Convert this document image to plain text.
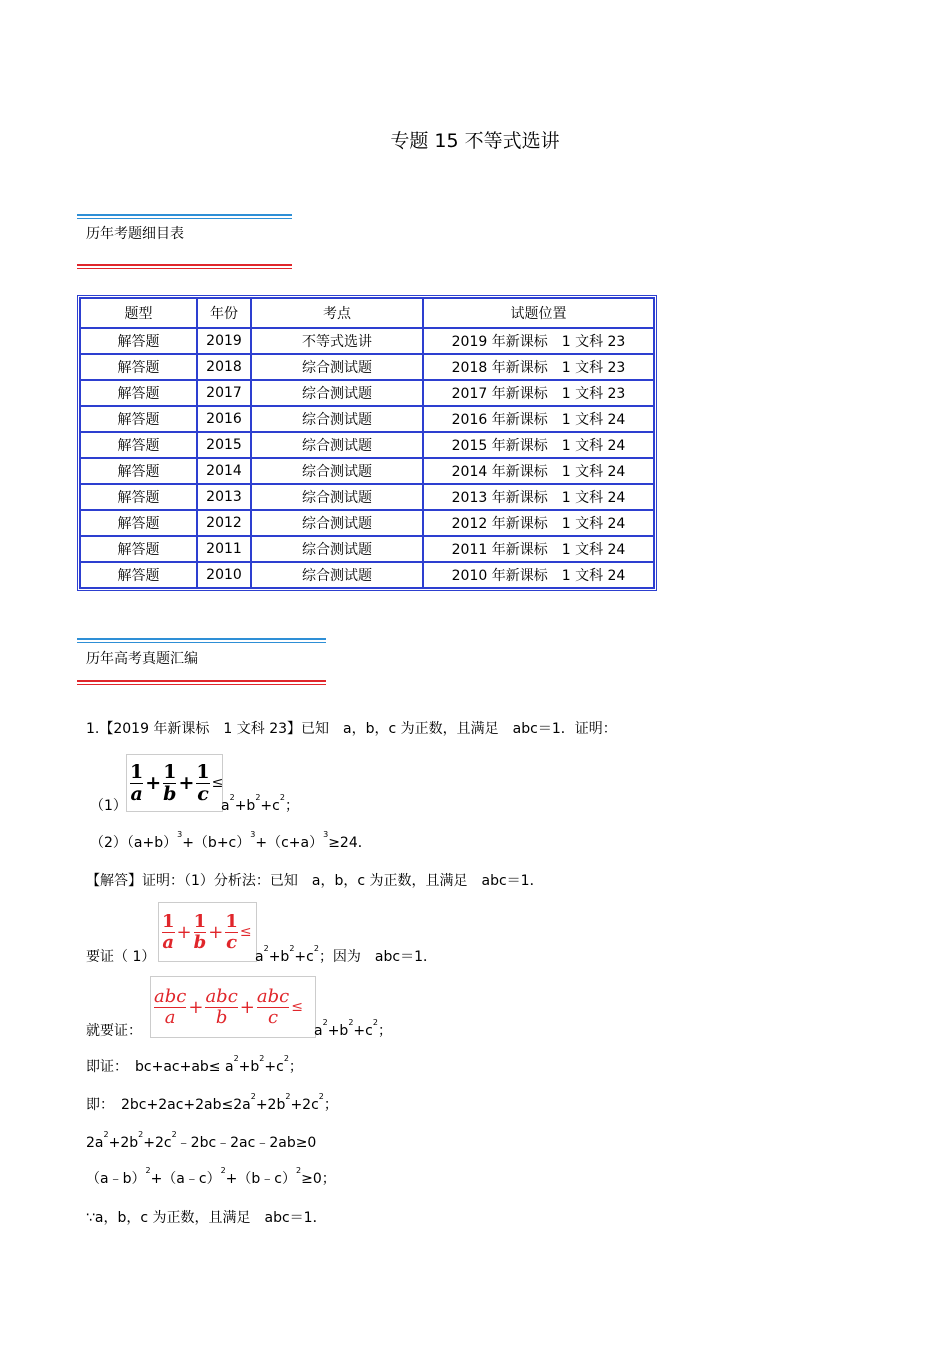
专题 15 不等式选讲
历年考题细目表
题型	年份	考点	试题位置
解答题	2019	不等式选讲	2019 年新课标　1 文科 23
解答题	2018	综合测试题	2018 年新课标　1 文科 23
解答题	2017	综合测试题	2017 年新课标　1 文科 23
解答题	2016	综合测试题	2016 年新课标　1 文科 24
解答题	2015	综合测试题	2015 年新课标　1 文科 24
解答题	2014	综合测试题	2014 年新课标　1 文科 24
解答题	2013	综合测试题	2013 年新课标　1 文科 24
解答题	2012	综合测试题	2012 年新课标　1 文科 24
解答题	2011	综合测试题	2011 年新课标　1 文科 24
解答题	2010	综合测试题	2010 年新课标　1 文科 24
历年高考真题汇编
1.【2019 年新课标　1 文科 23】已知　a，b，c 为正数，且满足　abc＝1．证明：
$\frac{1}{a} + \frac{1}{b} + \frac{1}{c}$ ≤
（1）	$a^2+b^2+c^2$；
$(2)(a+b)^3+(b+c)^3+(c+a)^3\ge 24$．
【解答】证明：（1）分析法：已知　a，b，c 为正数，且满足　abc＝1．
$\frac{1}{a} + \frac{1}{b} + \frac{1}{c}$ ≤
要证（ 1）	$a^2+b^2+c^2$；因为　abc＝1．
$\frac{\text{abc}}{a} + \frac{\text{abc}}{b} + \frac{\text{abc}}{c}$ ≤
就要证：	$a^2+b^2+c^2$；
即证：　$bc+ac+ab\le a^2+b^2+c^2$；
即：　$2bc+2ac+2ab\le 2a^2+2b^2+2c^2$；
$2a^2+2b^2+2c^2﹣2bc﹣2ac﹣2ab\ge 0$
（a﹣b）$^2$+（a﹣c）$^2$+（b﹣c）$^2$≥0；
∵a，b，c 为正数，且满足　abc＝1．
